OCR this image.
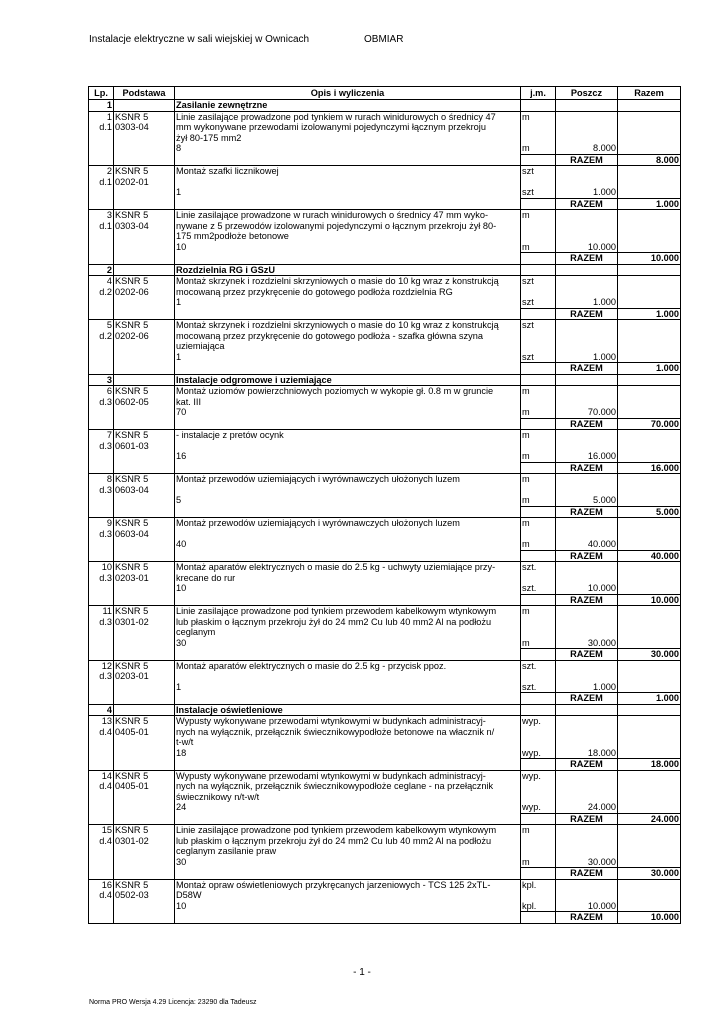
Instalacje elektryczne w sali wiejskiej w Ownicach	OBMIAR
Lp.	Podstawa	Opis i wyliczenia	j.m.	Poszcz	Razem
1		Zasilanie zewnętrzne			
1	KSNR 5	Linie zasilające prowadzone pod tynkiem w rurach winidurowych o średnicy 47	m		
d.1	0303-04	mm wykonywane przewodami izolowanymi pojedynczymi łącznym przekroju			
		żył 80-175 mm2			
		8	m	8.000	
				RAZEM	8.000
2	KSNR 5	Montaż szafki licznikowej	szt		
d.1	0202-01				
		1	szt	1.000	
				RAZEM	1.000
3	KSNR 5	Linie zasilające prowadzone w rurach winidurowych o średnicy 47 mm wyko-	m		
d.1	0303-04	nywane z 5 przewodów izolowanymi pojedynczymi o łącznym przekroju żył 80-			
		175 mm2podłoże betonowe			
		10	m	10.000	
				RAZEM	10.000
2		Rozdzielnia RG i GSzU			
4	KSNR 5	Montaż skrzynek i rozdzielni skrzyniowych o masie do 10 kg wraz z konstrukcją	szt		
d.2	0202-06	mocowaną przez przykręcenie do gotowego podłoża rozdzielnia RG			
		1	szt	1.000	
				RAZEM	1.000
5	KSNR 5	Montaż skrzynek i rozdzielni skrzyniowych o masie do 10 kg wraz z konstrukcją	szt		
d.2	0202-06	mocowaną przez przykręcenie do gotowego podłoża - szafka główna szyna			
		uziemiająca			
		1	szt	1.000	
				RAZEM	1.000
3		Instalacje odgromowe i uziemiające			
6	KSNR 5	Montaż uziomów powierzchniowych poziomych w wykopie gł. 0.8 m w gruncie	m		
d.3	0602-05	kat. III			
		70	m	70.000	
				RAZEM	70.000
7	KSNR 5	- instalacje z pretów ocynk	m		
d.3	0601-03				
		16	m	16.000	
				RAZEM	16.000
8	KSNR 5	Montaż przewodów uziemiających i wyrównawczych ułożonych luzem	m		
d.3	0603-04				
		5	m	5.000	
				RAZEM	5.000
9	KSNR 5	Montaż przewodów uziemiających i wyrównawczych ułożonych luzem	m		
d.3	0603-04				
		40	m	40.000	
				RAZEM	40.000
10	KSNR 5	Montaż aparatów elektrycznych o masie do 2.5 kg - uchwyty uziemiające przy-	szt.		
d.3	0203-01	krecane do rur			
		10	szt.	10.000	
				RAZEM	10.000
11	KSNR 5	Linie zasilające prowadzone pod tynkiem przewodem kabelkowym wtynkowym	m		
d.3	0301-02	lub płaskim o łącznym przekroju żył do 24 mm2 Cu lub 40 mm2 Al na podłożu			
		ceglanym			
		30	m	30.000	
				RAZEM	30.000
12	KSNR 5	Montaż aparatów elektrycznych o masie do 2.5 kg - przycisk ppoz.	szt.		
d.3	0203-01				
		1	szt.	1.000	
				RAZEM	1.000
4		Instalacje oświetleniowe			
13	KSNR 5	Wypusty wykonywane przewodami wtynkowymi w budynkach administracyj-	wyp.		
d.4	0405-01	nych na wyłącznik, przełącznik świecznikowypodłoże betonowe na włacznik n/			
		t-w/t			
		18	wyp.	18.000	
				RAZEM	18.000
14	KSNR 5	Wypusty wykonywane przewodami wtynkowymi w budynkach administracyj-	wyp.		
d.4	0405-01	nych na wyłącznik, przełącznik świecznikowypodłoże ceglane - na przełącznik			
		świecznikowy n/t-w/t			
		24	wyp.	24.000	
				RAZEM	24.000
15	KSNR 5	Linie zasilające prowadzone pod tynkiem przewodem kabelkowym wtynkowym	m		
d.4	0301-02	lub płaskim o łącznym przekroju żył do 24 mm2 Cu lub 40 mm2 Al na podłożu			
		ceglanym zasilanie praw			
		30	m	30.000	
				RAZEM	30.000
16	KSNR 5	Montaż opraw oświetleniowych przykręcanych jarzeniowych - TCS 125 2xTL-	kpl.		
d.4	0502-03	D58W			
		10	kpl.	10.000	
				RAZEM	10.000
- 1 -
Norma PRO Wersja 4.29 Licencja: 23290 dla Tadeusz
